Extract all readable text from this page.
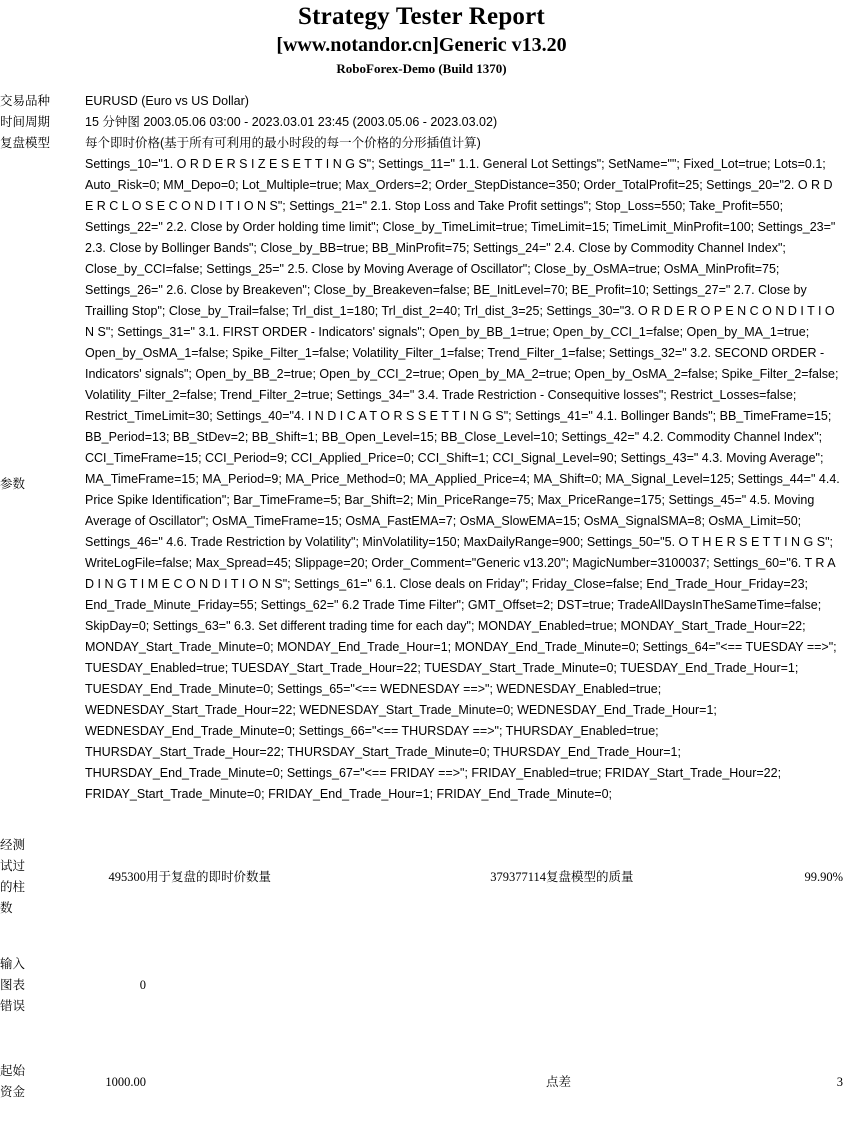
Strategy Tester Report
[www.notandor.cn]Generic v13.20
RoboForex-Demo (Build 1370)
交易品种	EURUSD (Euro vs US Dollar)
时间周期	15 分钟图 2003.05.06 03:00 - 2023.03.01 23:45 (2003.05.06 - 2023.03.02)
复盘模型	每个即时价格(基于所有可利用的最小时段的每一个价格的分形插值计算)
参数	Settings_10="1. O R D E R S I Z E S E T T I N G S"; Settings_11=" 1.1. General Lot Settings"; SetName=""; Fixed_Lot=true; Lots=0.1; Auto_Risk=0; MM_Depo=0; Lot_Multiple=true; Max_Orders=2; Order_StepDistance=350; Order_TotalProfit=25; Settings_20="2. O R D E R C L O S E C O N D I T I O N S"; Settings_21=" 2.1. Stop Loss and Take Profit settings"; Stop_Loss=550; Take_Profit=550; Settings_22=" 2.2. Close by Order holding time limit"; Close_by_TimeLimit=true; TimeLimit=15; TimeLimit_MinProfit=100; Settings_23=" 2.3. Close by Bollinger Bands"; Close_by_BB=true; BB_MinProfit=75; Settings_24=" 2.4. Close by Commodity Channel Index"; Close_by_CCI=false; Settings_25=" 2.5. Close by Moving Average of Oscillator"; Close_by_OsMA=true; OsMA_MinProfit=75; Settings_26=" 2.6. Close by Breakeven"; Close_by_Breakeven=false; BE_InitLevel=70; BE_Profit=10; Settings_27=" 2.7. Close by Trailling Stop"; Close_by_Trail=false; Trl_dist_1=180; Trl_dist_2=40; Trl_dist_3=25; Settings_30="3. O R D E R O P E N C O N D I T I O N S"; Settings_31=" 3.1. FIRST ORDER - Indicators' signals"; Open_by_BB_1=true; Open_by_CCI_1=false; Open_by_MA_1=true; Open_by_OsMA_1=false; Spike_Filter_1=false; Volatility_Filter_1=false; Trend_Filter_1=false; Settings_32=" 3.2. SECOND ORDER - Indicators' signals"; Open_by_BB_2=true; Open_by_CCI_2=true; Open_by_MA_2=true; Open_by_OsMA_2=false; Spike_Filter_2=false; Volatility_Filter_2=false; Trend_Filter_2=true; Settings_34=" 3.4. Trade Restriction - Consequitive losses"; Restrict_Losses=false; Restrict_TimeLimit=30; Settings_40="4. I N D I C A T O R S S E T T I N G S"; Settings_41=" 4.1. Bollinger Bands"; BB_TimeFrame=15; BB_Period=13; BB_StDev=2; BB_Shift=1; BB_Open_Level=15; BB_Close_Level=10; Settings_42=" 4.2. Commodity Channel Index"; CCI_TimeFrame=15; CCI_Period=9; CCI_Applied_Price=0; CCI_Shift=1; CCI_Signal_Level=90; Settings_43=" 4.3. Moving Average"; MA_TimeFrame=15; MA_Period=9; MA_Price_Method=0; MA_Applied_Price=4; MA_Shift=0; MA_Signal_Level=125; Settings_44=" 4.4. Price Spike Identification"; Bar_TimeFrame=5; Bar_Shift=2; Min_PriceRange=75; Max_PriceRange=175; Settings_45=" 4.5. Moving Average of Oscillator"; OsMA_TimeFrame=15; OsMA_FastEMA=7; OsMA_SlowEMA=15; OsMA_SignalSMA=8; OsMA_Limit=50; Settings_46=" 4.6. Trade Restriction by Volatility"; MinVolatility=150; MaxDailyRange=900; Settings_50="5. O T H E R S E T T I N G S"; WriteLogFile=false; Max_Spread=45; Slippage=20; Order_Comment="Generic v13.20"; MagicNumber=3100037; Settings_60="6. T R A D I N G T I M E C O N D I T I O N S"; Settings_61=" 6.1. Close deals on Friday"; Friday_Close=false; End_Trade_Hour_Friday=23; End_Trade_Minute_Friday=55; Settings_62=" 6.2 Trade Time Filter"; GMT_Offset=2; DST=true; TradeAllDaysInTheSameTime=false; SkipDay=0; Settings_63=" 6.3. Set different trading time for each day"; MONDAY_Enabled=true; MONDAY_Start_Trade_Hour=22; MONDAY_Start_Trade_Minute=0; MONDAY_End_Trade_Hour=1; MONDAY_End_Trade_Minute=0; Settings_64="<== TUESDAY ==>"; TUESDAY_Enabled=true; TUESDAY_Start_Trade_Hour=22; TUESDAY_Start_Trade_Minute=0; TUESDAY_End_Trade_Hour=1; TUESDAY_End_Trade_Minute=0; Settings_65="<== WEDNESDAY ==>"; WEDNESDAY_Enabled=true; WEDNESDAY_Start_Trade_Hour=22; WEDNESDAY_Start_Trade_Minute=0; WEDNESDAY_End_Trade_Hour=1; WEDNESDAY_End_Trade_Minute=0; Settings_66="<== THURSDAY ==>"; THURSDAY_Enabled=true; THURSDAY_Start_Trade_Hour=22; THURSDAY_Start_Trade_Minute=0; THURSDAY_End_Trade_Hour=1; THURSDAY_End_Trade_Minute=0; Settings_67="<== FRIDAY ==>"; FRIDAY_Enabled=true; FRIDAY_Start_Trade_Hour=22; FRIDAY_Start_Trade_Minute=0; FRIDAY_End_Trade_Hour=1; FRIDAY_End_Trade_Minute=0;
经测试过的柱数	495300	用于复盘的即时价数量	379377114	复盘模型的质量	99.90%
输入图表错误	0				
起始资金	1000.00			点差	3
